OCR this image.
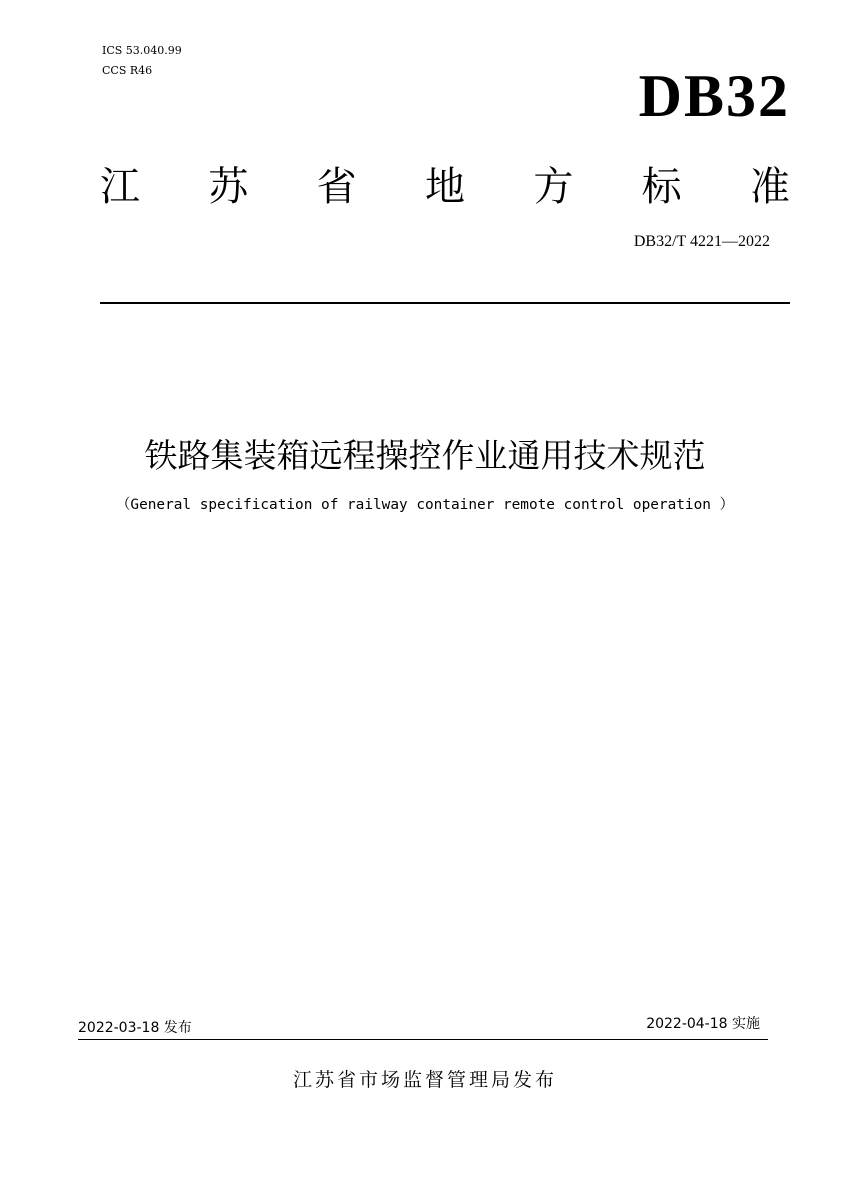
ICS 53.040.99
CCS R46	DB32
江 苏 省 地 方 标 准
DB32/T 4221—2022
铁路集装箱远程操控作业通用技术规范
（General specification of railway container remote control operation ）
2022-03-18 发布	2022-04-18 实施
江苏省市场监督管理局发布
